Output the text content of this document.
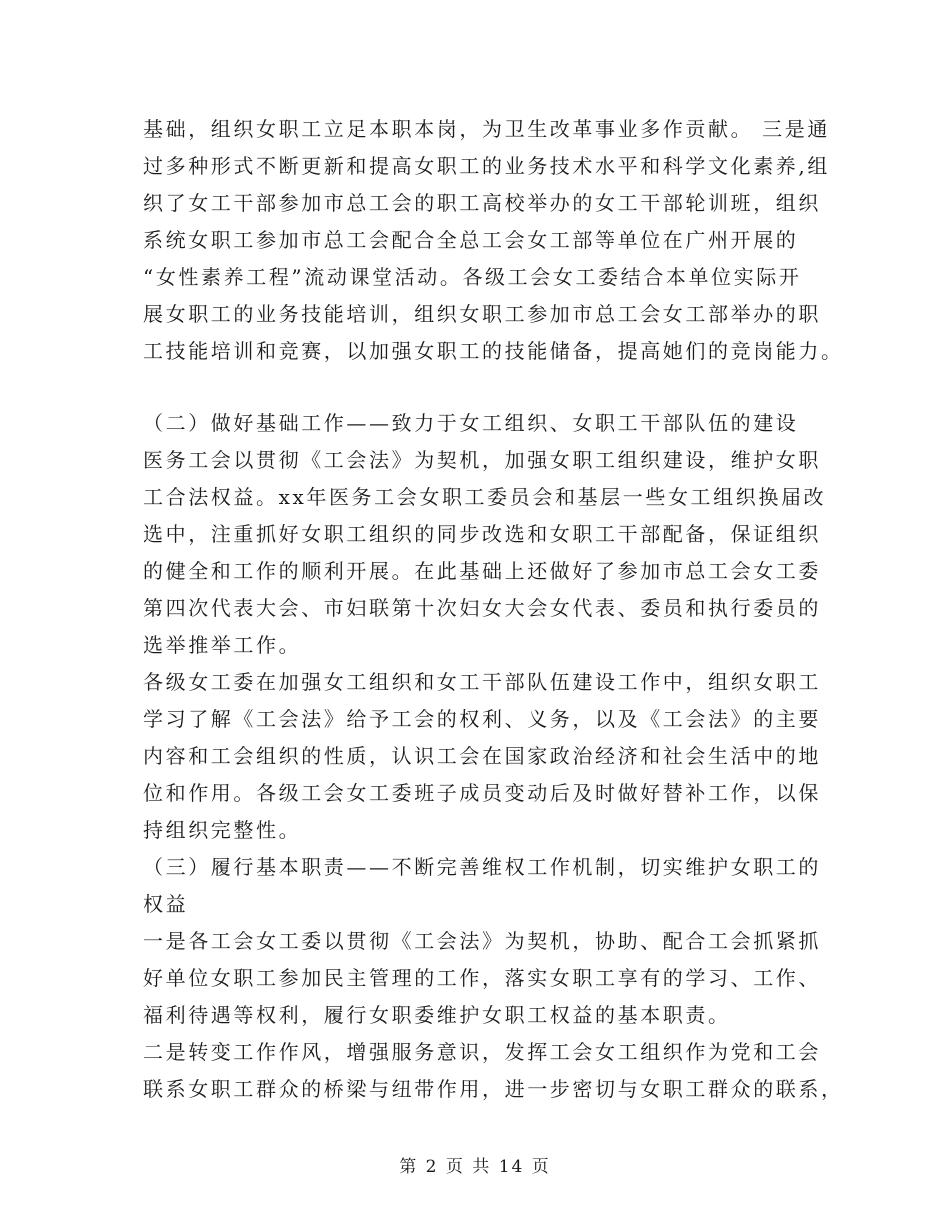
基础，组织女职工立足本职本岗，为卫生改革事业多作贡献。 三是通
过多种形式不断更新和提高女职工的业务技术水平和科学文化素养,组
织了女工干部参加市总工会的职工高校举办的女工干部轮训班，组织
系统女职工参加市总工会配合全总工会女工部等单位在广州开展的
“女性素养工程”流动课堂活动。各级工会女工委结合本单位实际开
展女职工的业务技能培训，组织女职工参加市总工会女工部举办的职
工技能培训和竞赛，以加强女职工的技能储备，提高她们的竞岗能力。
（二）做好基础工作——致力于女工组织、女职工干部队伍的建设
医务工会以贯彻《工会法》为契机，加强女职工组织建设，维护女职
工合法权益。xx年医务工会女职工委员会和基层一些女工组织换届改
选中，注重抓好女职工组织的同步改选和女职工干部配备，保证组织
的健全和工作的顺利开展。在此基础上还做好了参加市总工会女工委
第四次代表大会、市妇联第十次妇女大会女代表、委员和执行委员的
选举推举工作。
各级女工委在加强女工组织和女工干部队伍建设工作中，组织女职工
学习了解《工会法》给予工会的权利、义务，以及《工会法》的主要
内容和工会组织的性质，认识工会在国家政治经济和社会生活中的地
位和作用。各级工会女工委班子成员变动后及时做好替补工作，以保
持组织完整性。
（三）履行基本职责——不断完善维权工作机制，切实维护女职工的
权益
一是各工会女工委以贯彻《工会法》为契机，协助、配合工会抓紧抓
好单位女职工参加民主管理的工作，落实女职工享有的学习、工作、
福利待遇等权利，履行女职委维护女职工权益的基本职责。
二是转变工作作风，增强服务意识，发挥工会女工组织作为党和工会
联系女职工群众的桥梁与纽带作用，进一步密切与女职工群众的联系，
第 2 页 共 14 页
